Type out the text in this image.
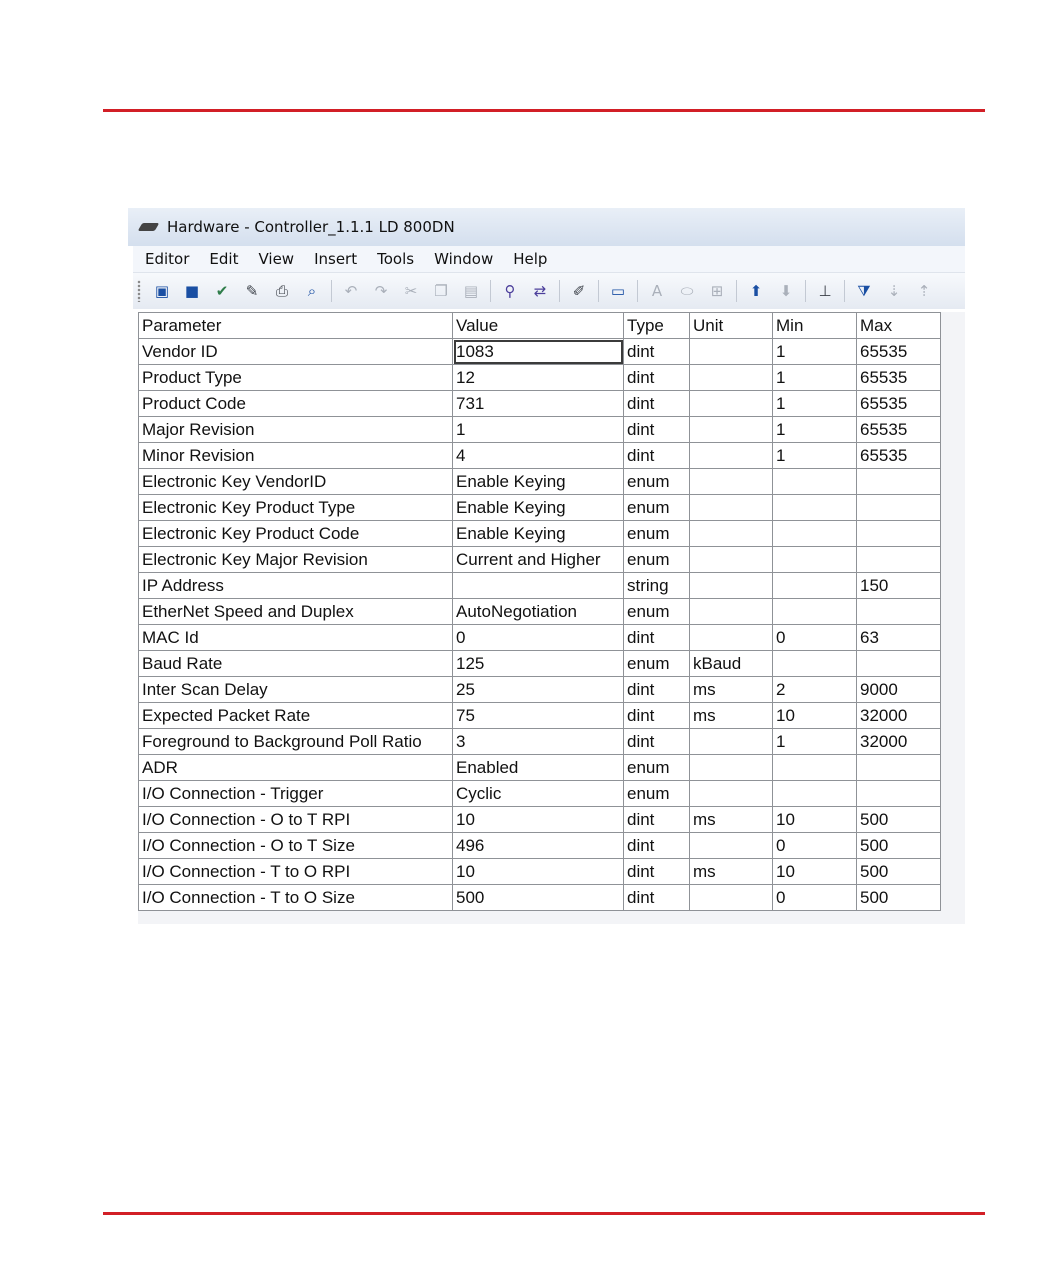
Hardware - Controller_1.1.1 LD 800DN
Editor Edit View Insert Tools Window Help
▣ ■	✔	✎	⎙	⌕	↶	↷	✂	❐ ▤	⚲	⇄	✐	▭	A	⬭	⊞	⬆	⬇	⊥ ⧩	⇣	⇡
Parameter	Value	Type	Unit	Min	Max
Vendor ID	1083	dint		1	65535
Product Type	12	dint		1	65535
Product Code	731	dint		1	65535
Major Revision	1	dint		1	65535
Minor Revision	4	dint		1	65535
Electronic Key VendorID	Enable Keying	enum			
Electronic Key Product Type	Enable Keying	enum			
Electronic Key Product Code	Enable Keying	enum			
Electronic Key Major Revision	Current and Higher	enum			
IP Address		string			150
EtherNet Speed and Duplex	AutoNegotiation	enum			
MAC Id	0	dint		0	63
Baud Rate	125	enum	kBaud		
Inter Scan Delay	25	dint	ms	2	9000
Expected Packet Rate	75	dint	ms	10	32000
Foreground to Background Poll Ratio	3	dint		1	32000
ADR	Enabled	enum			
I/O Connection - Trigger	Cyclic	enum			
I/O Connection - O to T RPI	10	dint	ms	10	500
I/O Connection - O to T Size	496	dint		0	500
I/O Connection - T to O RPI	10	dint	ms	10	500
I/O Connection - T to O Size	500	dint		0	500
